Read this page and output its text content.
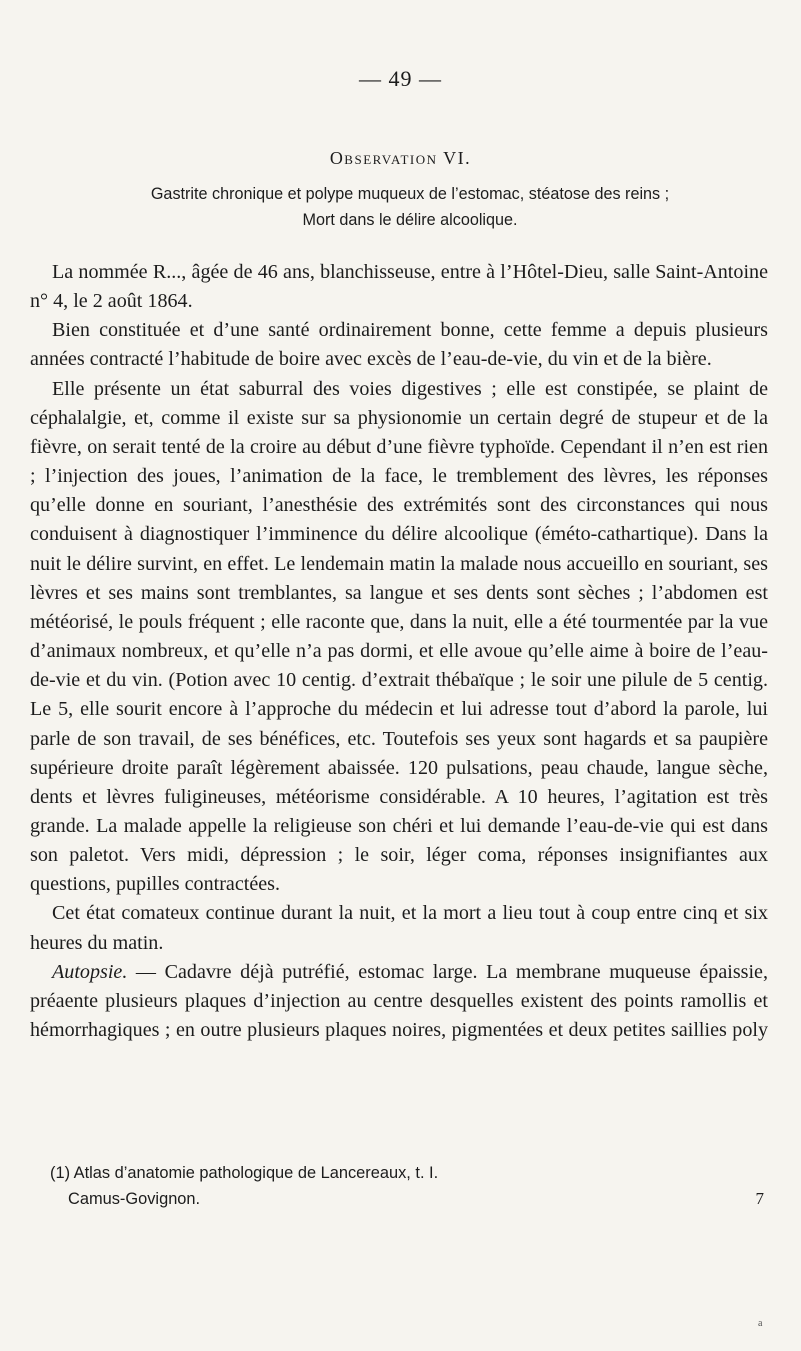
— 49 —
Observation VI.
Gastrite chronique et polype muqueux de l’estomac, stéatose des reins ;
Mort dans le délire alcoolique.

La nommée R..., âgée de 46 ans, blanchisseuse, entre à l’Hôtel-Dieu, salle Saint-Antoine n° 4, le 2 août 1864.

Bien constituée et d’une santé ordinairement bonne, cette femme a depuis plusieurs années contracté l’habitude de boire avec excès de l’eau-de-vie, du vin et de la bière.

Elle présente un état saburral des voies digestives ; elle est constipée, se plaint de céphalalgie, et, comme il existe sur sa physionomie un certain degré de stupeur et de la fièvre, on serait tenté de la croire au début d’une fièvre typhoïde. Cependant il n’en est rien ; l’injection des joues, l’animation de la face, le tremblement des lèvres, les réponses qu’elle donne en souriant, l’anesthésie des extrémités sont des circonstances qui nous conduisent à diagnostiquer l’imminence du délire alcoolique (éméto-cathartique). Dans la nuit le délire survint, en effet. Le lendemain matin la malade nous accueillo en souriant, ses lèvres et ses mains sont tremblantes, sa langue et ses dents sont sèches ; l’abdomen est météorisé, le pouls fréquent ; elle raconte que, dans la nuit, elle a été tourmentée par la vue d’animaux nombreux, et qu’elle n’a pas dormi, et elle avoue qu’elle aime à boire de l’eau-de-vie et du vin. (Potion avec 10 centig. d’extrait thébaïque ; le soir une pilule de 5 centig. Le 5, elle sourit encore à l’approche du médecin et lui adresse tout d’abord la parole, lui parle de son travail, de ses bénéfices, etc. Toutefois ses yeux sont hagards et sa paupière supérieure droite paraît légèrement abaissée. 120 pulsations, peau chaude, langue sèche, dents et lèvres fuligineuses, météorisme considérable. A 10 heures, l’agitation est très grande. La malade appelle la religieuse son chéri et lui demande l’eau-de-vie qui est dans son paletot. Vers midi, dépression ; le soir, léger coma, réponses insignifiantes aux questions, pupilles contractées.

Cet état comateux continue durant la nuit, et la mort a lieu tout à coup entre cinq et six heures du matin.

Autopsie. — Cadavre déjà putréfié, estomac large. La membrane muqueuse épaissie, préaente plusieurs plaques d’injection au centre desquelles existent des points ramollis et hémorrhagiques ; en outre plusieurs plaques noires, pigmentées et deux petites saillies poly

(1) Atlas d’anatomie pathologique de Lancereaux, t. I.
Camus-Govignon.	7
a
